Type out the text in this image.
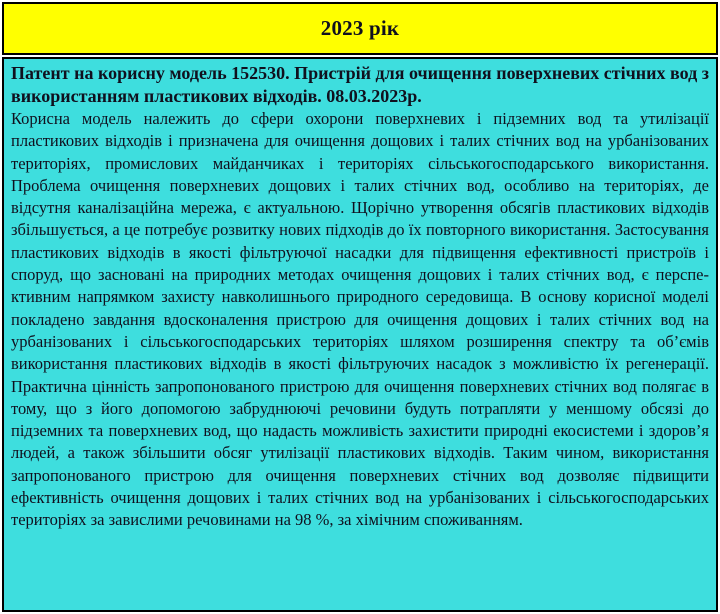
2023 рік

Патент на корисну модель 152530. Пристрій для очищення поверхневих стічних вод з використанням пластикових відходів. 08.03.2023р.

Корисна модель належить до сфери охорони поверхневих і підземних вод та утилізації пластикових відходів і призначена для очищення дощових і талих стічних вод на урбанізованих територіях, промислових майданчиках і територіях сільськогосподарського використання. Проблема очищення поверхневих дощових і талих стічних вод, особливо на територіях, де відсутня каналізаційна мережа, є актуальною. Щорічно утворення обсягів пластикових відходів збільшується, а це потребує розвитку нових підходів до їх повторного використання. Застосування пластикових відходів в якості фільтруючої насадки для підвищення ефективності пристроїв і споруд, що засновані на природних методах очищення дощових і талих стічних вод, є перспе-ктивним напрямком захисту навколишнього природного середовища. В основу корисної моделі покладено завдання вдосконалення пристрою для очищення дощових і талих стічних вод на урбанізованих і сільськогосподарських територіях шляхом розширення спектру та об’ємів використання пластикових відходів в якості фільтруючих насадок з можливістю їх регенерації. Практична цінність запропонованого пристрою для очищення поверхневих стічних вод полягає в тому, що з його допомогою забруднюючі речовини будуть потрапляти у меншому обсязі до підземних та поверхневих вод, що надасть можливість захистити природні екосистеми і здоров’я людей, а також збільшити обсяг утилізації пластикових відходів. Таким чином, використання запропонованого пристрою для очищення поверхневих стічних вод дозволяє підвищити ефективність очищення дощових і талих стічних вод на урбанізованих і сільськогосподарських територіях за завислими речовинами на 98 %, за хімічним споживанням.
